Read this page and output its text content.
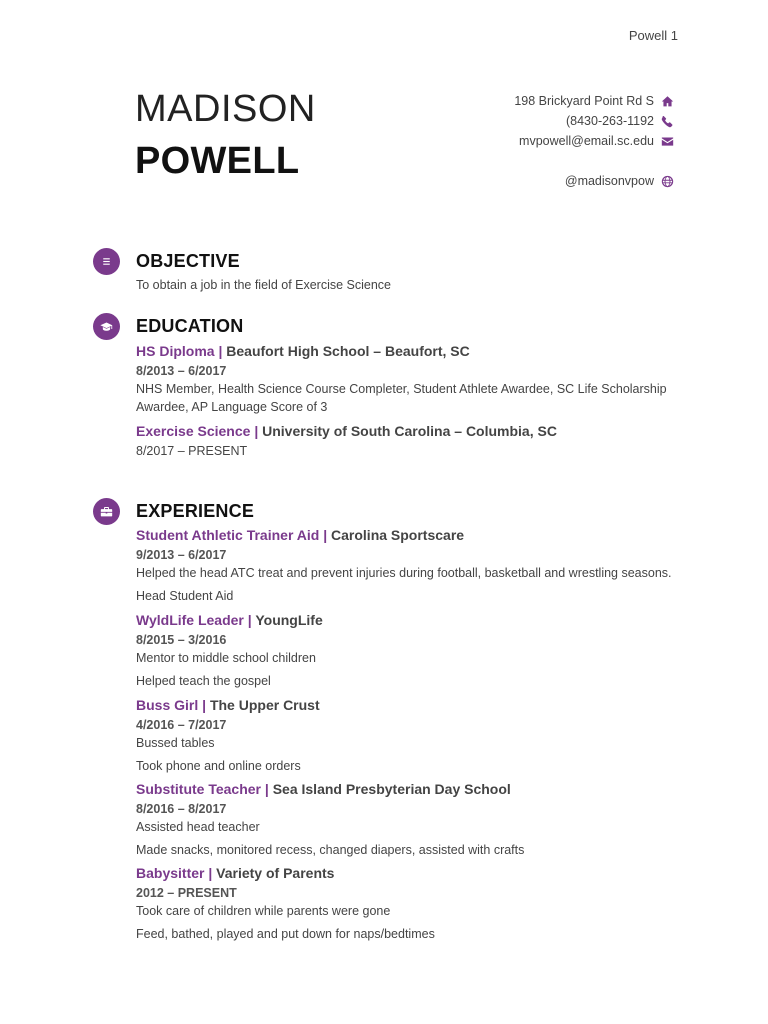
Powell 1
MADISON
POWELL
198 Brickyard Point Rd S
(8430-263-1192
mvpowell@email.sc.edu
@madisonvpow
OBJECTIVE
To obtain a job in the field of Exercise Science
EDUCATION
HS Diploma | Beaufort High School – Beaufort, SC
8/2013 – 6/2017
NHS Member, Health Science Course Completer, Student Athlete Awardee, SC Life Scholarship Awardee, AP Language Score of 3
Exercise Science | University of South Carolina – Columbia, SC
8/2017 – PRESENT
EXPERIENCE
Student Athletic Trainer Aid | Carolina Sportscare
9/2013 – 6/2017
Helped the head ATC treat and prevent injuries during football, basketball and wrestling seasons.
Head Student Aid
WyldLife Leader | YoungLife
8/2015 – 3/2016
Mentor to middle school children
Helped teach the gospel
Buss Girl | The Upper Crust
4/2016 – 7/2017
Bussed tables
Took phone and online orders
Substitute Teacher | Sea Island Presbyterian Day School
8/2016 – 8/2017
Assisted head teacher
Made snacks, monitored recess, changed diapers, assisted with crafts
Babysitter | Variety of Parents
2012 – PRESENT
Took care of children while parents were gone
Feed, bathed, played and put down for naps/bedtimes
